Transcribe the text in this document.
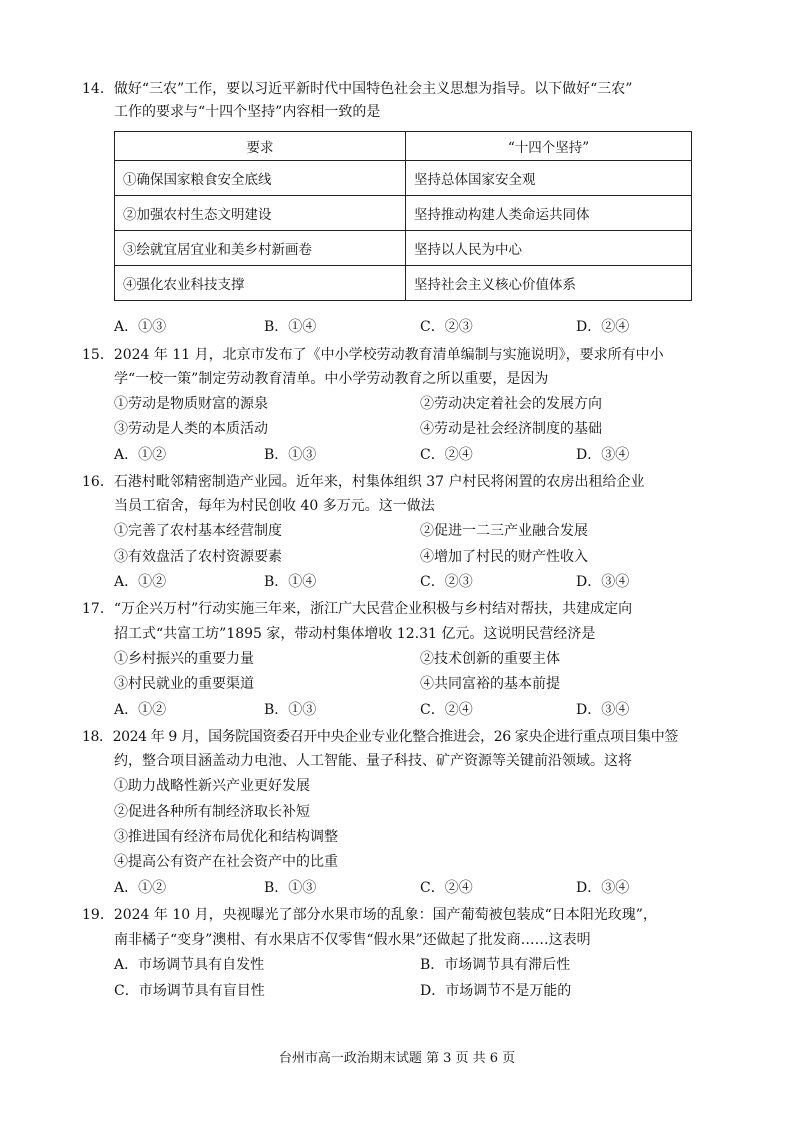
14．做好“三农”工作，要以习近平新时代中国特色社会主义思想为指导。以下做好“三农”
工作的要求与“十四个坚持”内容相一致的是
要求	“十四个坚持”
①确保国家粮食安全底线	坚持总体国家安全观
②加强农村生态文明建设	坚持推动构建人类命运共同体
③绘就宜居宜业和美乡村新画卷	坚持以人民为中心
④强化农业科技支撑	坚持社会主义核心价值体系
A．①③	B．①④	C．②③	D．②④
15．2024 年 11 月，北京市发布了《中小学校劳动教育清单编制与实施说明》，要求所有中小
学“一校一策”制定劳动教育清单。中小学劳动教育之所以重要，是因为
①劳动是物质财富的源泉	②劳动决定着社会的发展方向
③劳动是人类的本质活动	④劳动是社会经济制度的基础
A．①②	B．①③	C．②④	D．③④
16．石港村毗邻精密制造产业园。近年来，村集体组织 37 户村民将闲置的农房出租给企业
当员工宿舍，每年为村民创收 40 多万元。这一做法
①完善了农村基本经营制度	②促进一二三产业融合发展
③有效盘活了农村资源要素	④增加了村民的财产性收入
A．①②	B．①④	C．②③	D．③④
17．“万企兴万村”行动实施三年来，浙江广大民营企业积极与乡村结对帮扶，共建成定向
招工式“共富工坊”1895 家，带动村集体增收 12.31 亿元。这说明民营经济是
①乡村振兴的重要力量	②技术创新的重要主体
③村民就业的重要渠道	④共同富裕的基本前提
A．①②	B．①③	C．②④	D．③④
18．2024 年 9 月，国务院国资委召开中央企业专业化整合推进会，26 家央企进行重点项目集中签
约，整合项目涵盖动力电池、人工智能、量子科技、矿产资源等关键前沿领域。这将
①助力战略性新兴产业更好发展
②促进各种所有制经济取长补短
③推进国有经济布局优化和结构调整
④提高公有资产在社会资产中的比重
A．①②	B．①③	C．②④	D．③④
19．2024 年 10 月，央视曝光了部分水果市场的乱象：国产葡萄被包装成“日本阳光玫瑰”，
南非橘子“变身”澳柑、有水果店不仅零售“假水果”还做起了批发商……这表明
A．市场调节具有自发性	B．市场调节具有滞后性
C．市场调节具有盲目性	D．市场调节不是万能的
台州市高一政治期末试题 第 3 页 共 6 页
